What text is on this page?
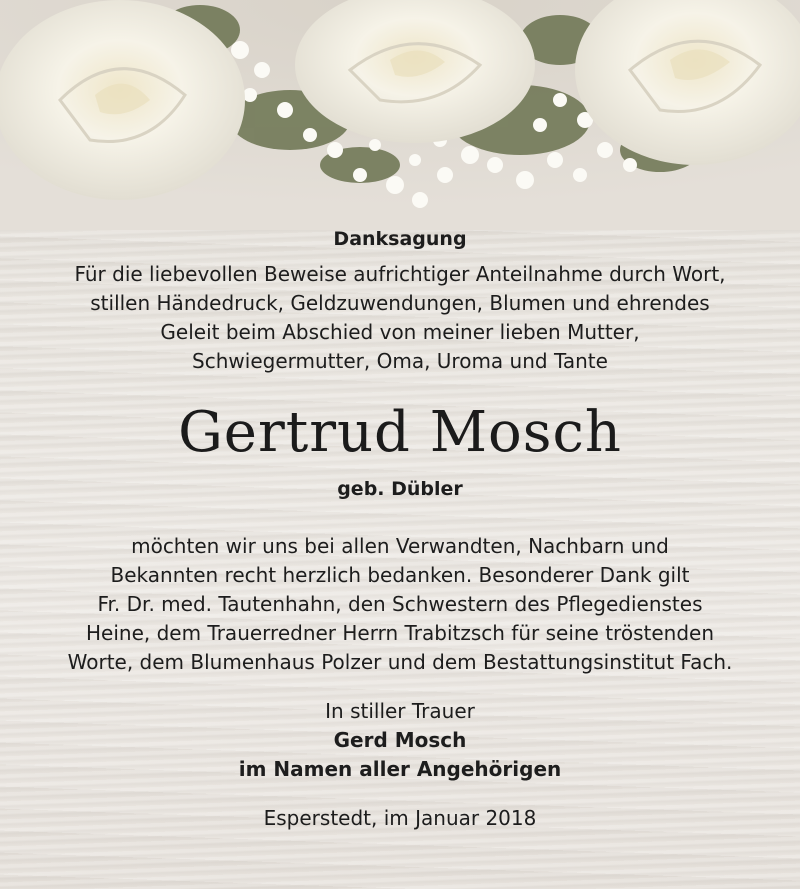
Danksagung

Für die liebevollen Beweise aufrichtiger Anteilnahme durch Wort,
stillen Händedruck, Geldzuwendungen, Blumen und ehrendes
Geleit beim Abschied von meiner lieben Mutter,
Schwiegermutter, Oma, Uroma und Tante

Gertrud Mosch
geb. Dübler

möchten wir uns bei allen Verwandten, Nachbarn und
Bekannten recht herzlich bedanken. Besonderer Dank gilt
Fr. Dr. med. Tautenhahn, den Schwestern des Pflegedienstes
Heine, dem Trauerredner Herrn Trabitzsch für seine tröstenden
Worte, dem Blumenhaus Polzer und dem Bestattungsinstitut Fach.

In stiller Trauer
Gerd Mosch
im Namen aller Angehörigen
Esperstedt, im Januar 2018
